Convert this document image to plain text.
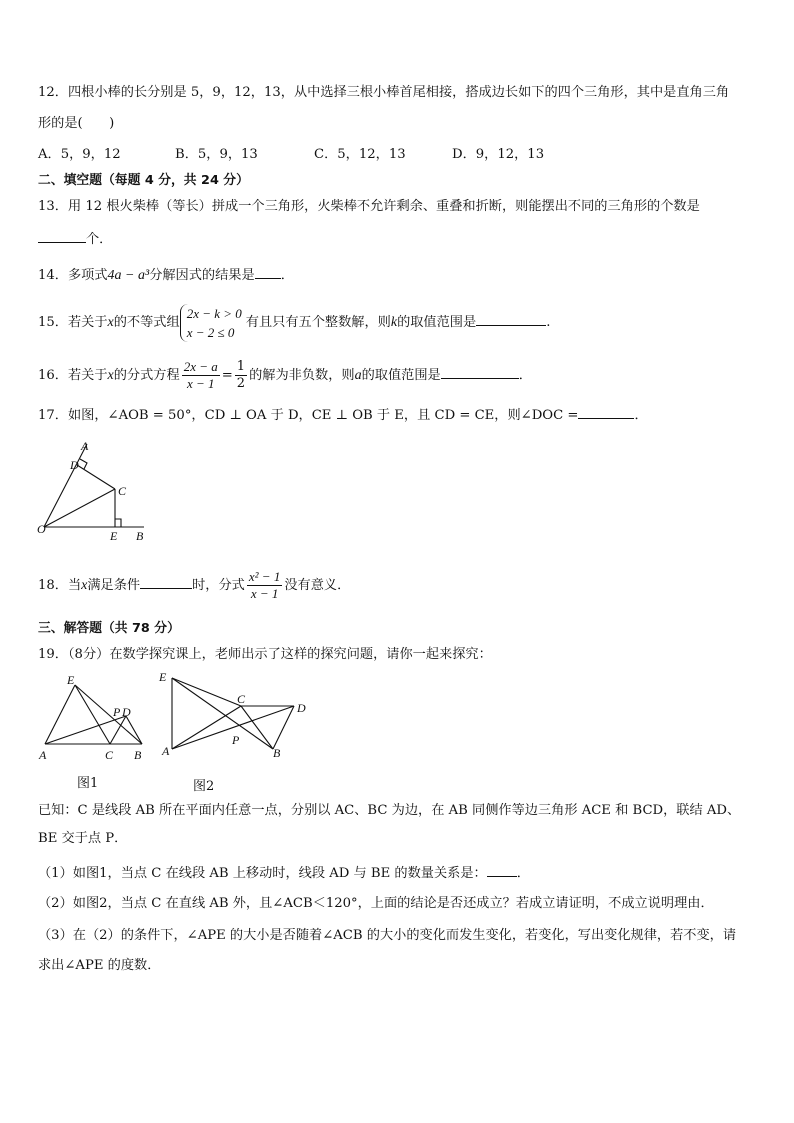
12．四根小棒的长分别是 5，9，12，13，从中选择三根小棒首尾相接，搭成边长如下的四个三角形，其中是直角三角
形的是(　　)
A．5，9，12	B．5，9，13	C．5，12，13	D．9，12，13
二、填空题（每题 4 分，共 24 分）
13．用 12 根火柴棒（等长）拼成一个三角形，火柴棒不允许剩余、重叠和折断，则能摆出不同的三角形的个数是
个．
14．多项式4a − a³分解因式的结果是 ．
15．若关于x的不等式组
2x − k > 0
x − 2 ≤ 0
有且只有五个整数解，则k的取值范围是	.
16．若关于x的分式方程 $\frac{2x - a}{x - 1} = \frac{1}{2}$ 的解为非负数，则a的取值范围是	．
17．如图，∠AOB = 50°，CD ⊥ OA 于 D，CE ⊥ OB 于 E，且 CD = CE，则∠DOC =	．
A
D
C
O	E B
18．当x满足条件	时，分式 $\frac{\text{x² − 1}}{x - 1}$ 没有意义．
三、解答题（共 78 分）
19．（8分）在数学探究课上，老师出示了这样的探究问题，请你一起来探究：
E
P D
A	C B
图1
E
C
D
P
A	B
图2
已知：C 是线段 AB 所在平面内任意一点，分别以 AC、BC 为边，在 AB 同侧作等边三角形 ACE 和 BCD，联结 AD、
BE 交于点 P．
（1）如图1，当点 C 在线段 AB 上移动时，线段 AD 与 BE 的数量关系是： ．
（2）如图2，当点 C 在直线 AB 外，且∠ACB＜120°，上面的结论是否还成立？若成立请证明，不成立说明理由．
（3）在（2）的条件下，∠APE 的大小是否随着∠ACB 的大小的变化而发生变化，若变化，写出变化规律，若不变，请
求出∠APE 的度数．
